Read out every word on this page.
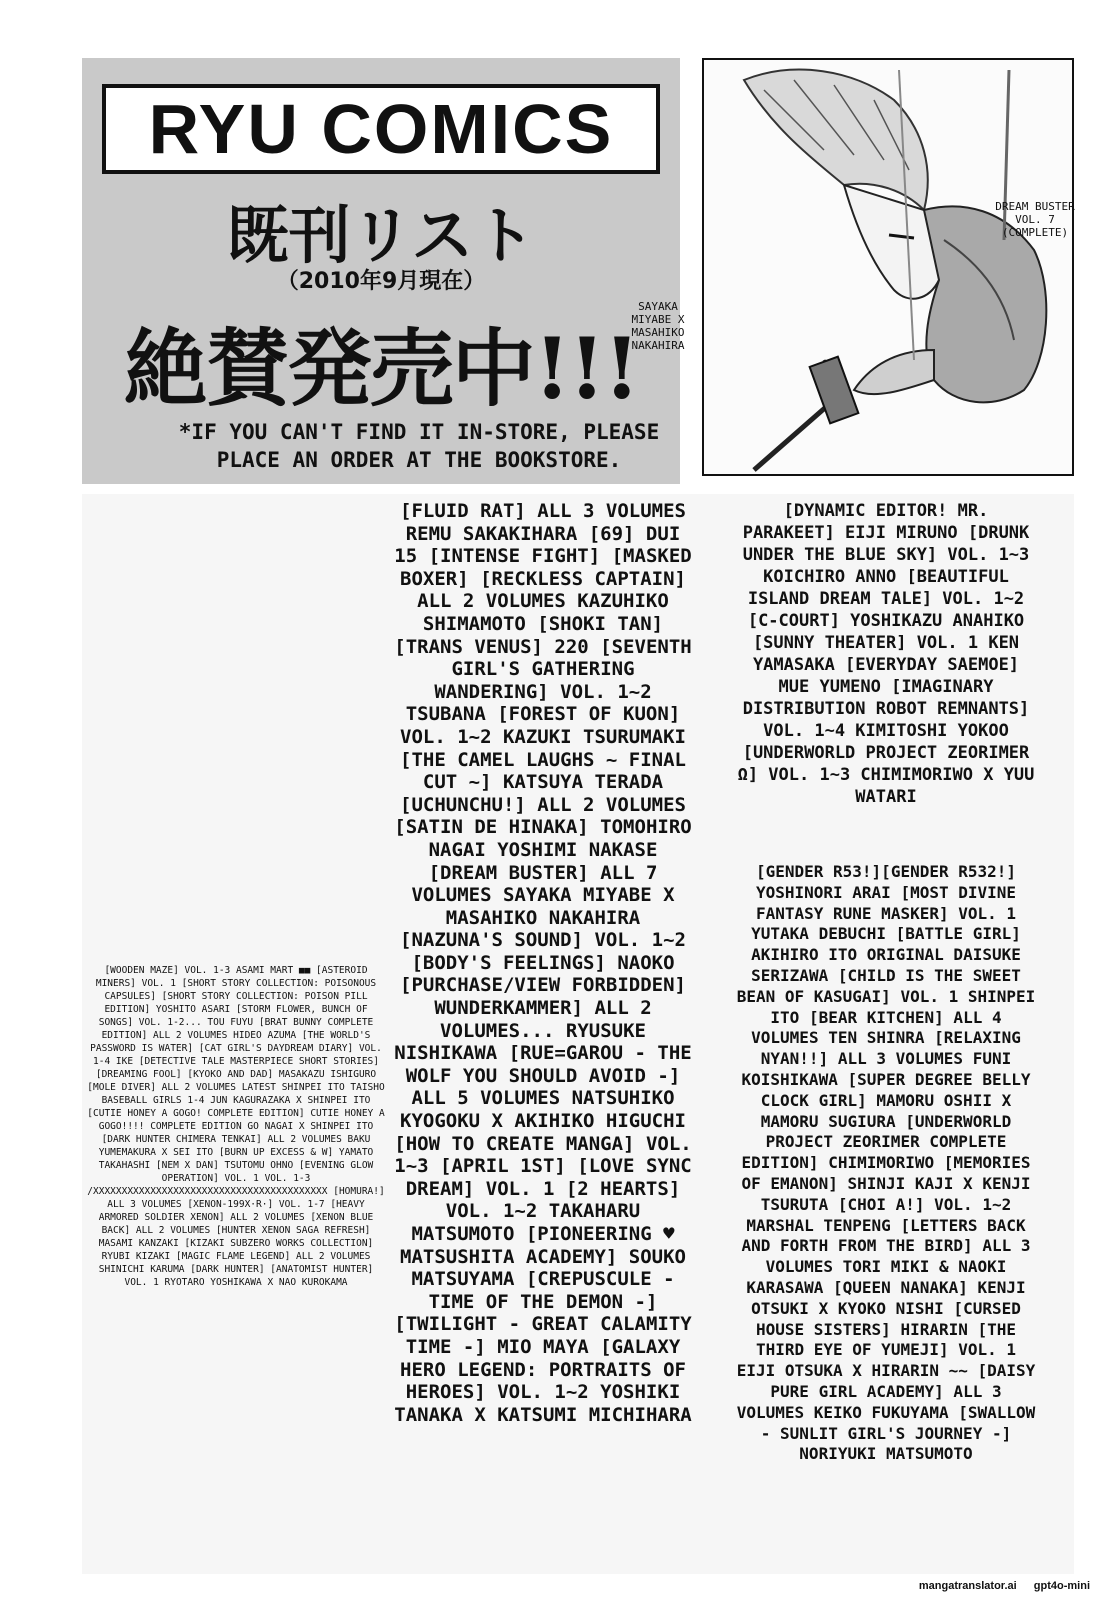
RYU COMICS
既刊リスト
（2010年9月現在）
絶賛発売中!!!
*IF YOU CAN'T FIND IT IN-STORE, PLEASE PLACE AN ORDER AT THE BOOKSTORE.
DREAM BUSTER VOL. 7 (COMPLETE)
SAYAKA MIYABE X MASAHIKO NAKAHIRA
[WOODEN MAZE] VOL. 1-3 ASAMI MART ■■ [ASTEROID MINERS] VOL. 1 [SHORT STORY COLLECTION: POISONOUS CAPSULES] [SHORT STORY COLLECTION: POISON PILL EDITION] YOSHITO ASARI [STORM FLOWER, BUNCH OF SONGS] VOL. 1-2... TOU FUYU [BRAT BUNNY COMPLETE EDITION] ALL 2 VOLUMES HIDEO AZUMA [THE WORLD'S PASSWORD IS WATER] [CAT GIRL'S DAYDREAM DIARY] VOL. 1-4 IKE [DETECTIVE TALE MASTERPIECE SHORT STORIES] [DREAMING FOOL] [KYOKO AND DAD] MASAKAZU ISHIGURO [MOLE DIVER] ALL 2 VOLUMES LATEST SHINPEI ITO TAISHO BASEBALL GIRLS 1-4 JUN KAGURAZAKA X SHINPEI ITO [CUTIE HONEY A GOGO! COMPLETE EDITION] CUTIE HONEY A GOGO!!!! COMPLETE EDITION GO NAGAI X SHINPEI ITO [DARK HUNTER CHIMERA TENKAI] ALL 2 VOLUMES BAKU YUMEMAKURA X SEI ITO [BURN UP EXCESS & W] YAMATO TAKAHASHI [NEM X DAN] TSUTOMU OHNO [EVENING GLOW OPERATION] VOL. 1 VOL. 1-3 /XXXXXXXXXXXXXXXXXXXXXXXXXXXXXXXXXXXXXXXXX [HOMURA!] ALL 3 VOLUMES [XENON-199X·R·] VOL. 1-7 [HEAVY ARMORED SOLDIER XENON] ALL 2 VOLUMES [XENON BLUE BACK] ALL 2 VOLUMES [HUNTER XENON SAGA REFRESH] MASAMI KANZAKI [KIZAKI SUBZERO WORKS COLLECTION] RYUBI KIZAKI [MAGIC FLAME LEGEND] ALL 2 VOLUMES SHINICHI KARUMA [DARK HUNTER] [ANATOMIST HUNTER] VOL. 1 RYOTARO YOSHIKAWA X NAO KUROKAMA
[FLUID RAT] ALL 3 VOLUMES REMU SAKAKIHARA [69] DUI 15 [INTENSE FIGHT] [MASKED BOXER] [RECKLESS CAPTAIN] ALL 2 VOLUMES KAZUHIKO SHIMAMOTO [SHOKI TAN] [TRANS VENUS] 220 [SEVENTH GIRL'S GATHERING WANDERING] VOL. 1~2 TSUBANA [FOREST OF KUON] VOL. 1~2 KAZUKI TSURUMAKI [THE CAMEL LAUGHS ~ FINAL CUT ~] KATSUYA TERADA [UCHUNCHU!] ALL 2 VOLUMES [SATIN DE HINAKA] TOMOHIRO NAGAI YOSHIMI NAKASE [DREAM BUSTER] ALL 7 VOLUMES SAYAKA MIYABE X MASAHIKO NAKAHIRA [NAZUNA'S SOUND] VOL. 1~2 [BODY'S FEELINGS] NAOKO [PURCHASE/VIEW FORBIDDEN] WUNDERKAMMER] ALL 2 VOLUMES... RYUSUKE NISHIKAWA [RUE=GAROU - THE WOLF YOU SHOULD AVOID -] ALL 5 VOLUMES NATSUHIKO KYOGOKU X AKIHIKO HIGUCHI [HOW TO CREATE MANGA] VOL. 1~3 [APRIL 1ST] [LOVE SYNC DREAM] VOL. 1 [2 HEARTS] VOL. 1~2 TAKAHARU MATSUMOTO [PIONEERING ♥ MATSUSHITA ACADEMY] SOUKO MATSUYAMA [CREPUSCULE - TIME OF THE DEMON -] [TWILIGHT - GREAT CALAMITY TIME -] MIO MAYA [GALAXY HERO LEGEND: PORTRAITS OF HEROES] VOL. 1~2 YOSHIKI TANAKA X KATSUMI MICHIHARA
[DYNAMIC EDITOR! MR. PARAKEET] EIJI MIRUNO [DRUNK UNDER THE BLUE SKY] VOL. 1~3 KOICHIRO ANNO [BEAUTIFUL ISLAND DREAM TALE] VOL. 1~2 [C-COURT] YOSHIKAZU ANAHIKO [SUNNY THEATER] VOL. 1 KEN YAMASAKA [EVERYDAY SAEMOE] MUE YUMENO [IMAGINARY DISTRIBUTION ROBOT REMNANTS] VOL. 1~4 KIMITOSHI YOKOO [UNDERWORLD PROJECT ZEORIMER Ω] VOL. 1~3 CHIMIMORIWO X YUU WATARI
[GENDER R53!][GENDER R532!] YOSHINORI ARAI [MOST DIVINE FANTASY RUNE MASKER] VOL. 1 YUTAKA DEBUCHI [BATTLE GIRL] AKIHIRO ITO ORIGINAL DAISUKE SERIZAWA [CHILD IS THE SWEET BEAN OF KASUGAI] VOL. 1 SHINPEI ITO [BEAR KITCHEN] ALL 4 VOLUMES TEN SHINRA [RELAXING NYAN!!] ALL 3 VOLUMES FUNI KOISHIKAWA [SUPER DEGREE BELLY CLOCK GIRL] MAMORU OSHII X MAMORU SUGIURA [UNDERWORLD PROJECT ZEORIMER COMPLETE EDITION] CHIMIMORIWO [MEMORIES OF EMANON] SHINJI KAJI X KENJI TSURUTA [CHOI A!] VOL. 1~2 MARSHAL TENPENG [LETTERS BACK AND FORTH FROM THE BIRD] ALL 3 VOLUMES TORI MIKI & NAOKI KARASAWA [QUEEN NANAKA] KENJI OTSUKI X KYOKO NISHI [CURSED HOUSE SISTERS] HIRARIN [THE THIRD EYE OF YUMEJI] VOL. 1 EIJI OTSUKA X HIRARIN ~~ [DAISY PURE GIRL ACADEMY] ALL 3 VOLUMES KEIKO FUKUYAMA [SWALLOW - SUNLIT GIRL'S JOURNEY -] NORIYUKI MATSUMOTO
mangatranslator.ai gpt4o-mini
